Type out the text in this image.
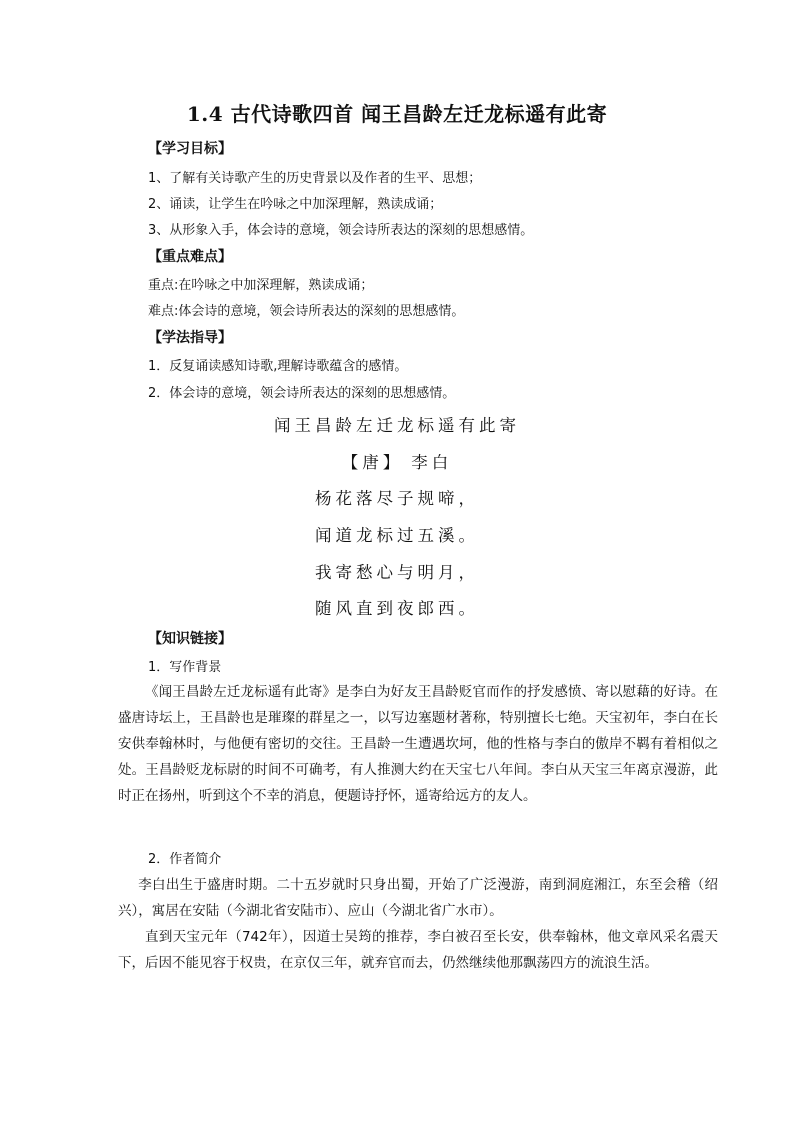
1.4 古代诗歌四首 闻王昌龄左迁龙标遥有此寄
【学习目标】
1、了解有关诗歌产生的历史背景以及作者的生平、思想；
2、诵读，让学生在吟咏之中加深理解，熟读成诵；
3、从形象入手，体会诗的意境，领会诗所表达的深刻的思想感情。
【重点难点】
重点:在吟咏之中加深理解，熟读成诵；
难点:体会诗的意境，领会诗所表达的深刻的思想感情。
【学法指导】
1．反复诵读感知诗歌,理解诗歌蕴含的感情。
2．体会诗的意境，领会诗所表达的深刻的思想感情。
闻王昌龄左迁龙标遥有此寄
【唐】 李白
杨花落尽子规啼，
闻道龙标过五溪。
我寄愁心与明月，
随风直到夜郎西。
【知识链接】
1．写作背景
《闻王昌龄左迁龙标遥有此寄》是李白为好友王昌龄贬官而作的抒发感愤、寄以慰藉的好诗。在盛唐诗坛上，王昌龄也是璀璨的群星之一，以写边塞题材著称，特别擅长七绝。天宝初年，李白在长安供奉翰林时，与他便有密切的交往。王昌龄一生遭遇坎坷，他的性格与李白的傲岸不羁有着相似之处。王昌龄贬龙标尉的时间不可确考，有人推测大约在天宝七八年间。李白从天宝三年离京漫游，此时正在扬州，听到这个不幸的消息，便题诗抒怀，遥寄给远方的友人。
2．作者简介
李白出生于盛唐时期。二十五岁就时只身出蜀，开始了广泛漫游，南到洞庭湘江，东至会稽（绍兴），寓居在安陆（今湖北省安陆市）、应山（今湖北省广水市）。
直到天宝元年（742年），因道士吴筠的推荐，李白被召至长安，供奉翰林，他文章风采名震天下，后因不能见容于权贵，在京仅三年，就弃官而去，仍然继续他那飘荡四方的流浪生活。
